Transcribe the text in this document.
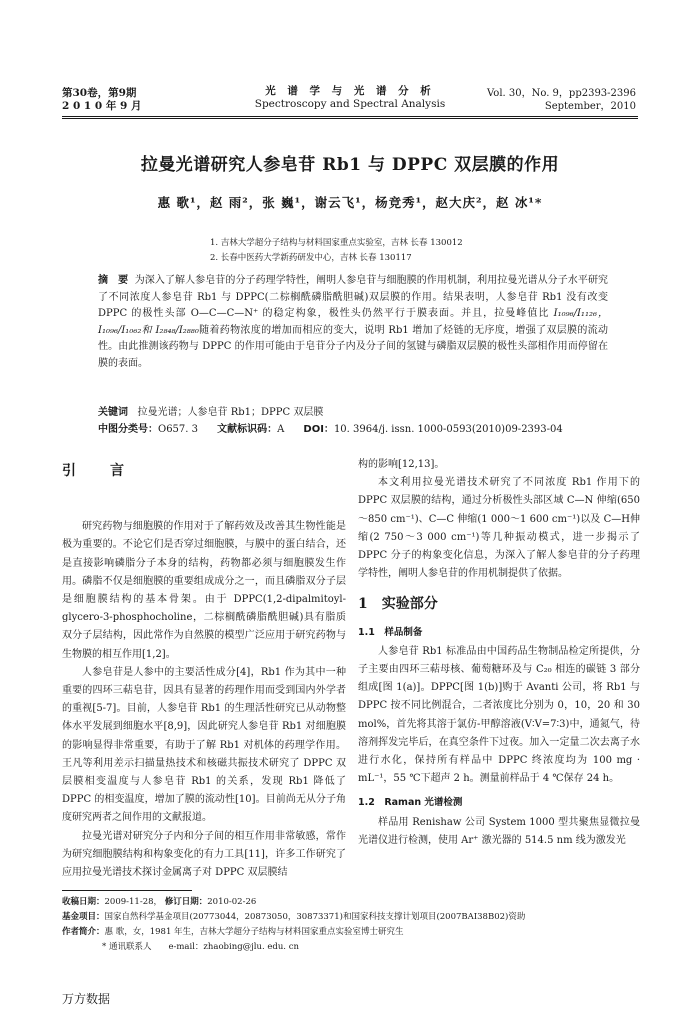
第30卷，第9期
2 0 1 0 年 9 月
光 谱 学 与 光 谱 分 析
Spectroscopy and Spectral Analysis
Vol. 30，No. 9，pp2393-2396
September，2010
拉曼光谱研究人参皂苷 Rb1 与 DPPC 双层膜的作用
惠 歌¹，赵 雨²，张 巍¹，谢云飞¹，杨竞秀¹，赵大庆²，赵 冰¹*
1. 吉林大学超分子结构与材料国家重点实验室，吉林 长春 130012
2. 长春中医药大学新药研发中心，吉林 长春 130117
摘　要 为深入了解人参皂苷的分子药理学特性，阐明人参皂苷与细胞膜的作用机制，利用拉曼光谱从分子水平研究了不同浓度人参皂苷 Rb1 与 DPPC(二棕榈酰磷脂酰胆碱)双层膜的作用。结果表明，人参皂苷 Rb1 没有改变 DPPC 的极性头部 O—C—C—N⁺ 的稳定构象，极性头仍然平行于膜表面。并且，拉曼峰值比 I₁₀₉₆/I₁₁₂₆，I₁₀₉₆/I₁₀₆₂和 I₂₈₄₈/I₂₈₈₀随着药物浓度的增加而相应的变大，说明 Rb1 增加了烃链的无序度，增强了双层膜的流动性。由此推测该药物与 DPPC 的作用可能由于皂苷分子内及分子间的氢键与磷脂双层膜的极性头部相作用而停留在膜的表面。
关键词 拉曼光谱；人参皂苷 Rb1；DPPC 双层膜
中图分类号：O657. 3 文献标识码：A DOI：10. 3964/j. issn. 1000-0593(2010)09-2393-04
引　言

研究药物与细胞膜的作用对于了解药效及改善其生物性能是极为重要的。不论它们是否穿过细胞膜，与膜中的蛋白结合，还是直接影响磷脂分子本身的结构，药物都必须与细胞膜发生作用。磷脂不仅是细胞膜的重要组成成分之一，而且磷脂双分子层是细胞膜结构的基本骨架。由于 DPPC(1,2-dipalmitoyl-glycero-3-phosphocholine，二棕榈酰磷脂酰胆碱)具有脂质双分子层结构，因此常作为自然膜的模型广泛应用于研究药物与生物膜的相互作用[1,2]。

人参皂苷是人参中的主要活性成分[4]，Rb1 作为其中一种重要的四环三萜皂苷，因具有显著的药理作用而受到国内外学者的重视[5-7]。目前，人参皂苷 Rb1 的生理活性研究已从动物整体水平发展到细胞水平[8,9]，因此研究人参皂苷 Rb1 对细胞膜的影响显得非常重要，有助于了解 Rb1 对机体的药理学作用。王凡等利用差示扫描量热技术和核磁共振技术研究了 DPPC 双层膜相变温度与人参皂苷 Rb1 的关系，发现 Rb1 降低了 DPPC 的相变温度，增加了膜的流动性[10]。目前尚无从分子角度研究两者之间作用的文献报道。

拉曼光谱对研究分子内和分子间的相互作用非常敏感，常作为研究细胞膜结构和构象变化的有力工具[11]，许多工作研究了应用拉曼光谱技术探讨金属离子对 DPPC 双层膜结

构的影响[12,13]。

本文利用拉曼光谱技术研究了不同浓度 Rb1 作用下的 DPPC 双层膜的结构，通过分析极性头部区域 C—N 伸缩(650～850 cm⁻¹)、C—C 伸缩(1 000～1 600 cm⁻¹)以及 C—H伸缩(2 750～3 000 cm⁻¹)等几种振动模式，进一步揭示了 DPPC 分子的构象变化信息，为深入了解人参皂苷的分子药理学特性，阐明人参皂苷的作用机制提供了依据。

1　实验部分
1.1　样品制备

人参皂苷 Rb1 标准品由中国药品生物制品检定所提供，分子主要由四环三萜母核、葡萄糖环及与 C₂₀ 相连的碳链 3 部分组成[图 1(a)]。DPPC[图 1(b)]购于 Avanti 公司，将 Rb1 与 DPPC 按不同比例混合，二者浓度比分别为 0，10，20 和 30 mol%，首先将其溶于氯仿-甲醇溶液(V∶V=7∶3)中，通氮气，待溶剂挥发完毕后，在真空条件下过夜。加入一定量二次去离子水进行水化，保持所有样品中 DPPC 终浓度均为 100 mg · mL⁻¹，55 ℃下超声 2 h。测量前样品于 4 ℃保存 24 h。

1.2　Raman 光谱检测

样品用 Renishaw 公司 System 1000 型共聚焦显微拉曼光谱仪进行检测，使用 Ar⁺ 激光器的 514.5 nm 线为激发光

收稿日期：2009-11-28， 修订日期：2010-02-26
基金项目：国家自然科学基金项目(20773044，20873050，30873371)和国家科技支撑计划项目(2007BAI38B02)资助
作者简介：惠 歌，女，1981 年生，吉林大学超分子结构与材料国家重点实验室博士研究生
* 通讯联系人　　e-mail：zhaobing@jlu. edu. cn
万方数据
